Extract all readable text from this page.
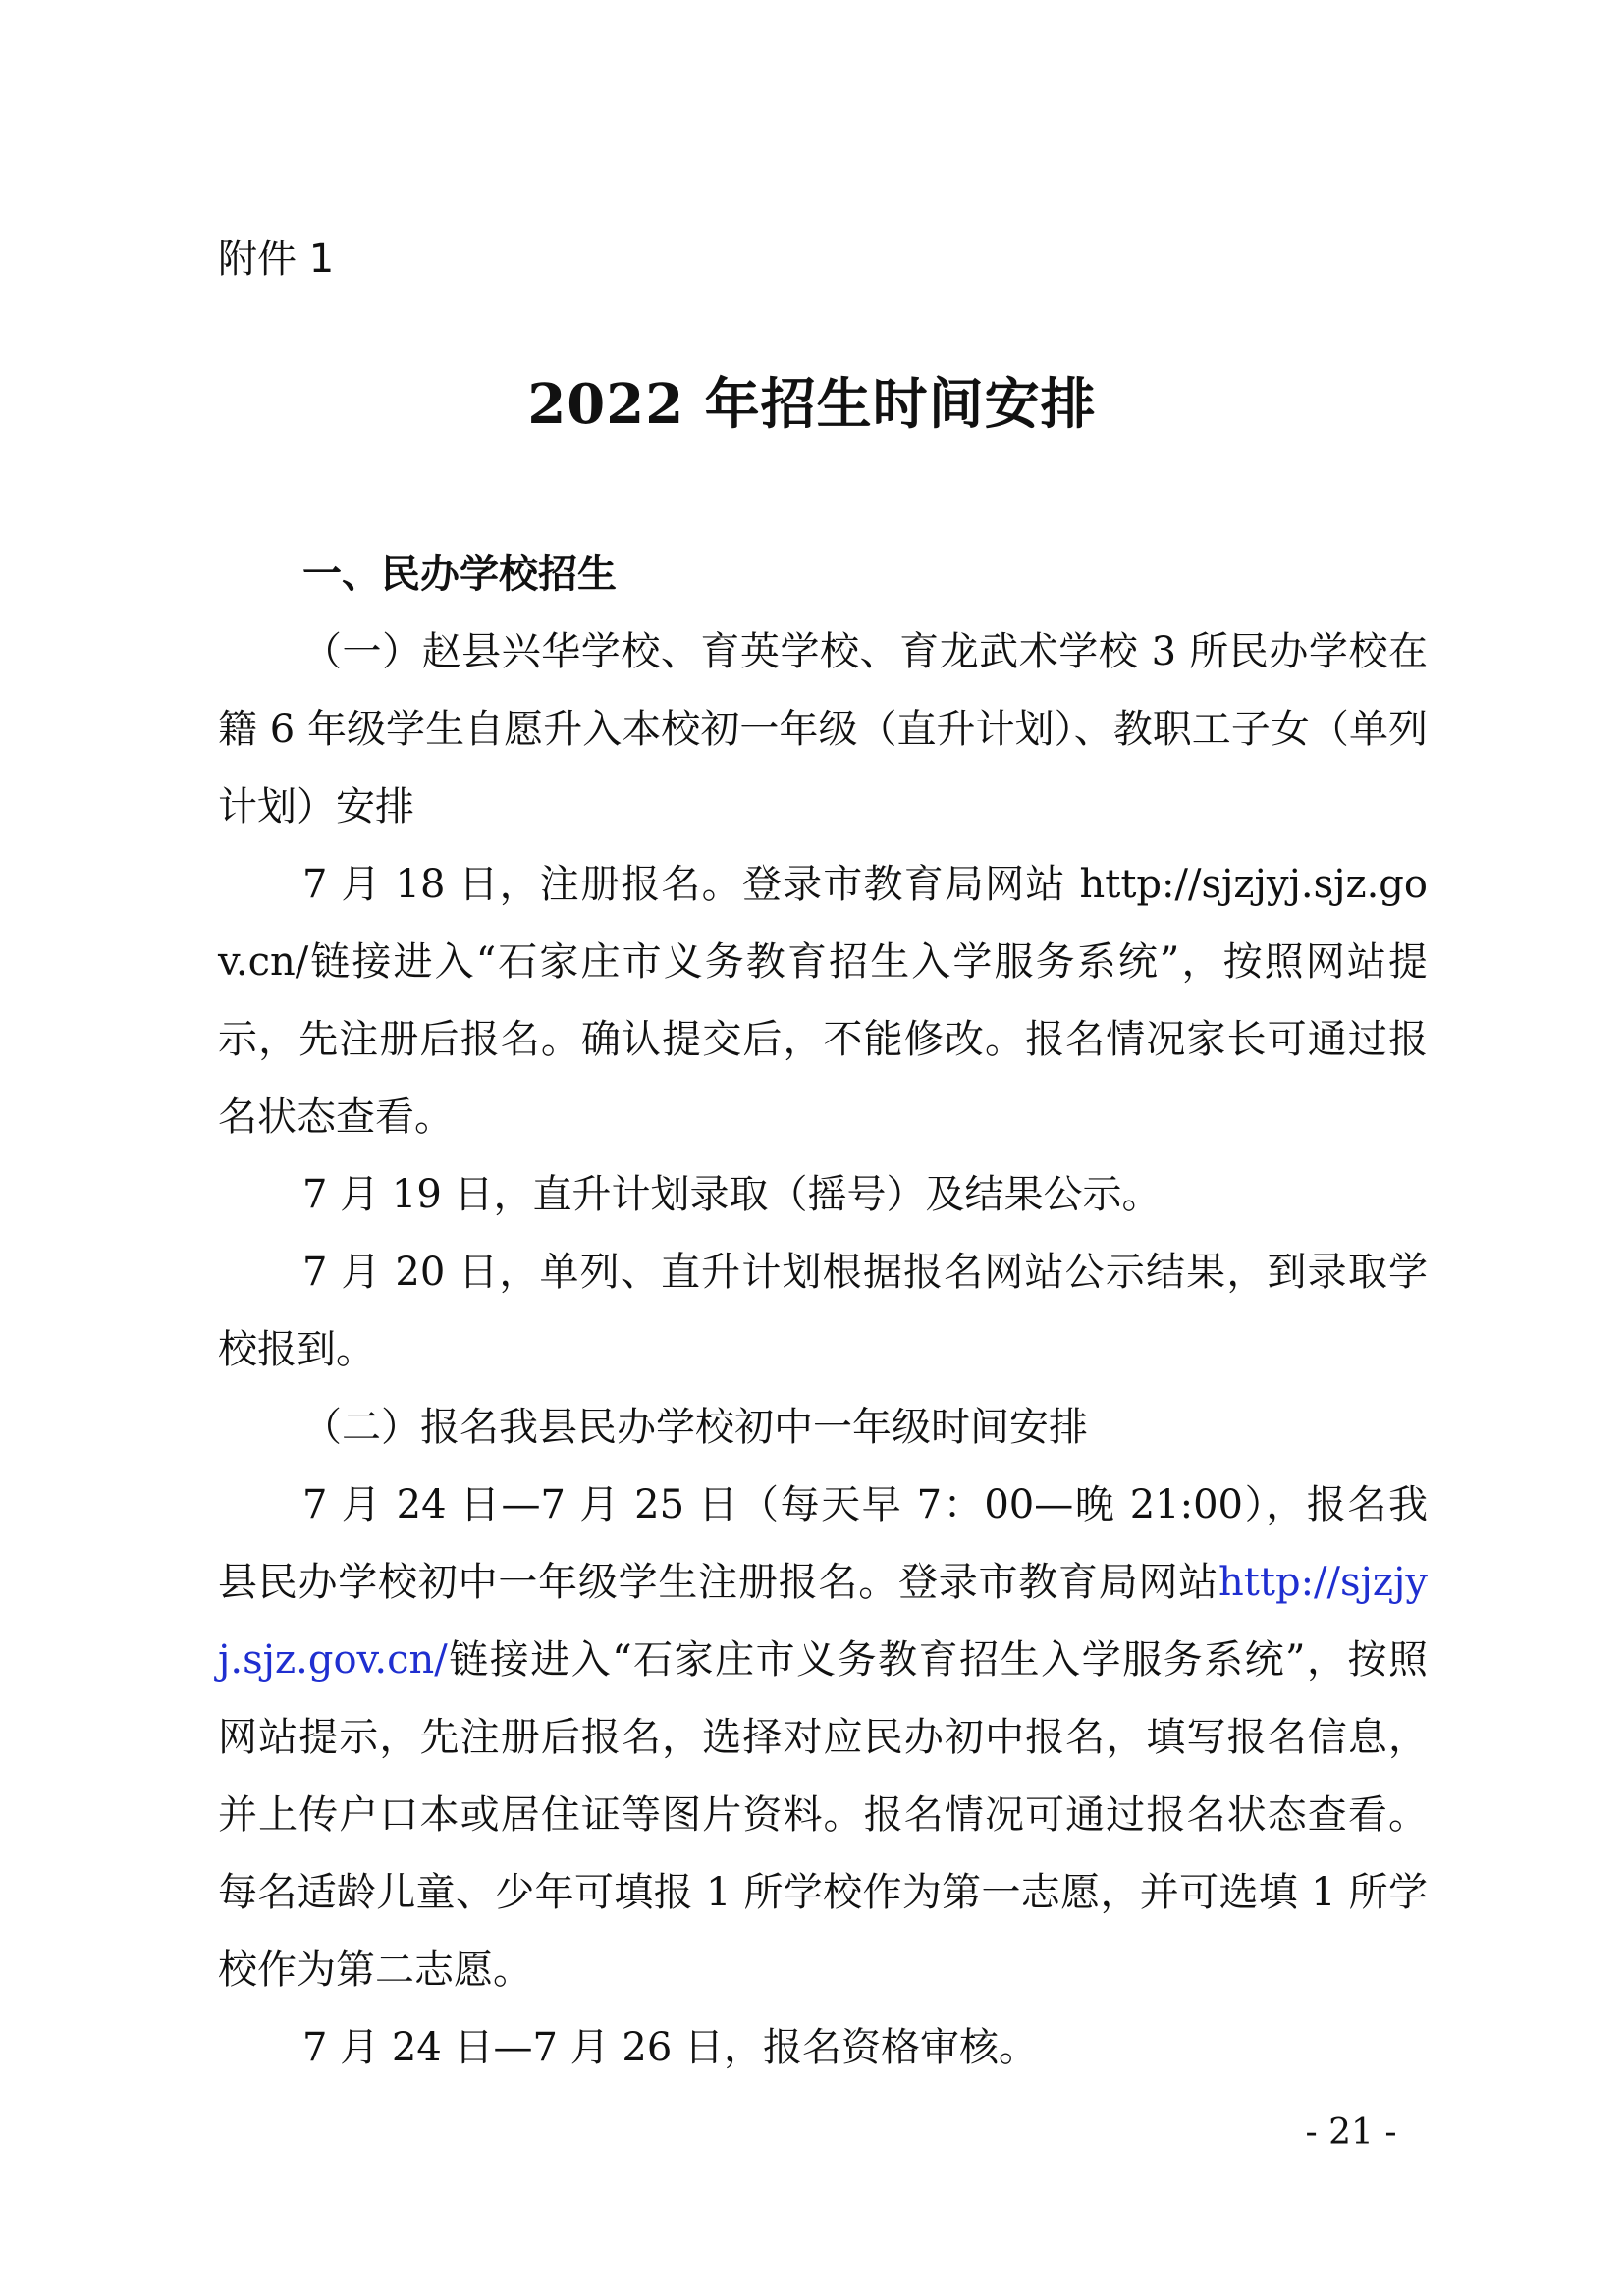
附件 1
2022 年招生时间安排

一、民办学校招生

（一）赵县兴华学校、育英学校、育龙武术学校 3 所民办学校在籍 6 年级学生自愿升入本校初一年级（直升计划）、教职工子女（单列计划）安排

7 月 18 日，注册报名。登录市教育局网站 http://sjzjyj.sjz.gov.cn/链接进入“石家庄市义务教育招生入学服务系统”，按照网站提示，先注册后报名。确认提交后，不能修改。报名情况家长可通过报名状态查看。

7 月 19 日，直升计划录取（摇号）及结果公示。

7 月 20 日，单列、直升计划根据报名网站公示结果，到录取学校报到。

（二）报名我县民办学校初中一年级时间安排

7 月 24 日—7 月 25 日（每天早 7：00—晚 21:00），报名我县民办学校初中一年级学生注册报名。登录市教育局网站http://sjzjyj.sjz.gov.cn/链接进入“石家庄市义务教育招生入学服务系统”，按照网站提示，先注册后报名，选择对应民办初中报名，填写报名信息，并上传户口本或居住证等图片资料。报名情况可通过报名状态查看。每名适龄儿童、少年可填报 1 所学校作为第一志愿，并可选填 1 所学校作为第二志愿。

7 月 24 日—7 月 26 日，报名资格审核。

- 21 -
